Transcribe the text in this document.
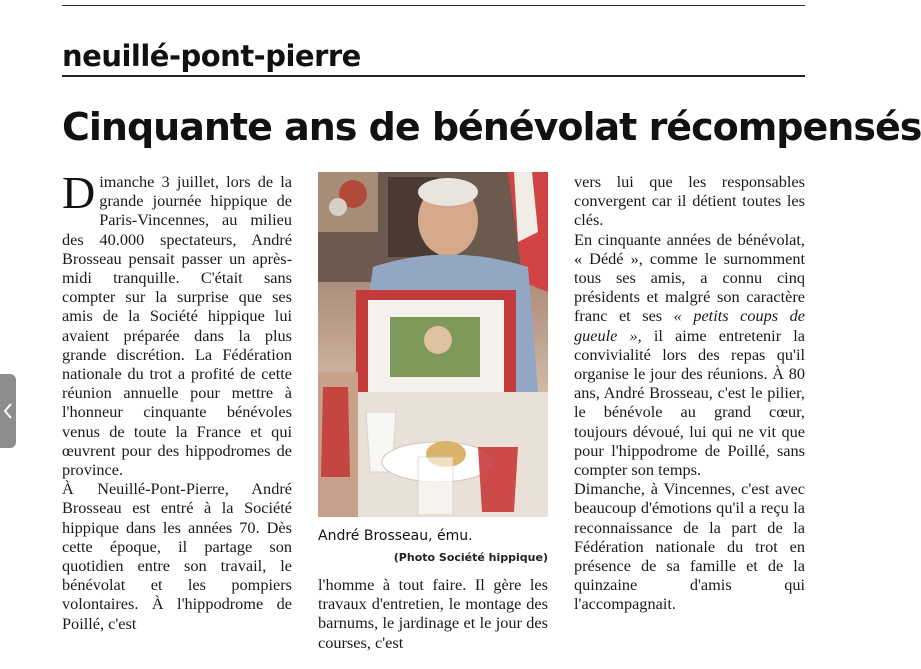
neuillé-pont-pierre
Cinquante ans de bénévolat récompensés

Dimanche 3 juillet, lors de la grande journée hippique de Paris-Vincennes, au milieu des 40.000 spectateurs, André Brosseau pensait passer un après-midi tranquille. C'était sans compter sur la surprise que ses amis de la Société hippique lui avaient préparée dans la plus grande discrétion. La Fédération nationale du trot a profité de cette réunion annuelle pour mettre à l'honneur cinquante bénévoles venus de toute la France et qui œuvrent pour des hippodromes de province.

À Neuillé-Pont-Pierre, André Brosseau est entré à la Société hippique dans les années 70. Dès cette époque, il partage son quotidien entre son travail, le bénévolat et les pompiers volontaires. À l'hippodrome de Poillé, c'est

André Brosseau, ému.
(Photo Société hippique)

l'homme à tout faire. Il gère les travaux d'entretien, le montage des barnums, le jardinage et le jour des courses, c'est

vers lui que les responsables convergent car il détient toutes les clés.

En cinquante années de bénévolat, « Dédé », comme le surnomment tous ses amis, a connu cinq présidents et malgré son caractère franc et ses « petits coups de gueule », il aime entretenir la convivialité lors des repas qu'il organise le jour des réunions. À 80 ans, André Brosseau, c'est le pilier, le bénévole au grand cœur, toujours dévoué, lui qui ne vit que pour l'hippodrome de Poillé, sans compter son temps.

Dimanche, à Vincennes, c'est avec beaucoup d'émotions qu'il a reçu la reconnaissance de la part de la Fédération nationale du trot en présence de sa famille et de la quinzaine d'amis qui l'accompagnait.
